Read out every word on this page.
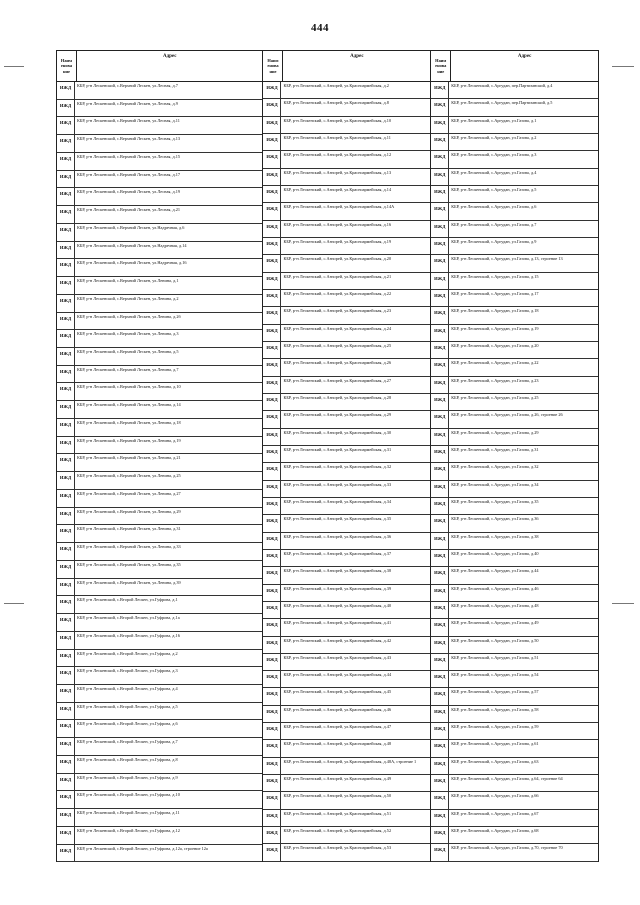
444
Наим енова ние
Адрес
ИЖД	КБР, р-н Лескенский, с.Верхний Лескен, ул.Лесная, д.7
ИЖД	КБР, р-н Лескенский, с.Верхний Лескен, ул.Лесная, д.9
ИЖД	КБР, р-н Лескенский, с.Верхний Лескен, ул.Лесная, д.11
ИЖД	КБР, р-н Лескенский, с.Верхний Лескен, ул.Лесная, д.13
ИЖД	КБР, р-н Лескенский, с.Верхний Лескен, ул.Лесная, д.15
ИЖД	КБР, р-н Лескенский, с.Верхний Лескен, ул.Лесная, д.17
ИЖД	КБР, р-н Лескенский, с.Верхний Лескен, ул.Лесная, д.19
ИЖД	КБР, р-н Лескенский, с.Верхний Лескен, ул.Лесная, д.21
ИЖД	КБР, р-н Лескенский, с.Верхний Лескен, ул.Надречная, д.6
ИЖД	КБР, р-н Лескенский, с.Верхний Лескен, ул.Надречная, д.14
ИЖД	КБР, р-н Лескенский, с.Верхний Лескен, ул.Надречная, д.16
ИЖД	КБР, р-н Лескенский, с.Верхний Лескен, ул.Ленина, д.1
ИЖД	КБР, р-н Лескенский, с.Верхний Лескен, ул.Ленина, д.2
ИЖД	КБР, р-н Лескенский, с.Верхний Лескен, ул.Ленина, д.2б
ИЖД	КБР, р-н Лескенский, с.Верхний Лескен, ул.Ленина, д.3
ИЖД	КБР, р-н Лескенский, с.Верхний Лескен, ул.Ленина, д.5
ИЖД	КБР, р-н Лескенский, с.Верхний Лескен, ул.Ленина, д.7
ИЖД	КБР, р-н Лескенский, с.Верхний Лескен, ул.Ленина, д.10
ИЖД	КБР, р-н Лескенский, с.Верхний Лескен, ул.Ленина, д.14
ИЖД	КБР, р-н Лескенский, с.Верхний Лескен, ул.Ленина, д.18
ИЖД	КБР, р-н Лескенский, с.Верхний Лескен, ул.Ленина, д.19
ИЖД	КБР, р-н Лескенский, с.Верхний Лескен, ул.Ленина, д.21
ИЖД	КБР, р-н Лескенский, с.Верхний Лескен, ул.Ленина, д.25
ИЖД	КБР, р-н Лескенский, с.Верхний Лескен, ул.Ленина, д.27
ИЖД	КБР, р-н Лескенский, с.Верхний Лескен, ул.Ленина, д.29
ИЖД	КБР, р-н Лескенский, с.Верхний Лескен, ул.Ленина, д.31
ИЖД	КБР, р-н Лескенский, с.Верхний Лескен, ул.Ленина, д.33
ИЖД	КБР, р-н Лескенский, с.Верхний Лескен, ул.Ленина, д.35
ИЖД	КБР, р-н Лескенский, с.Верхний Лескен, ул.Ленина, д.39
ИЖД	КБР, р-н Лескенский, с.Второй Лескен, ул.Гуфрова, д.1
ИЖД	КБР, р-н Лескенский, с.Второй Лескен, ул.Гуфрова, д.1а
ИЖД	КБР, р-н Лескенский, с.Второй Лескен, ул.Гуфрова, д.16
ИЖД	КБР, р-н Лескенский, с.Второй Лескен, ул.Гуфрова, д.2
ИЖД	КБР, р-н Лескенский, с.Второй Лескен, ул.Гуфрова, д.3
ИЖД	КБР, р-н Лескенский, с.Второй Лескен, ул.Гуфрова, д.4
ИЖД	КБР, р-н Лескенский, с.Второй Лескен, ул.Гуфрова, д.5
ИЖД	КБР, р-н Лескенский, с.Второй Лескен, ул.Гуфрова, д.6
ИЖД	КБР, р-н Лескенский, с.Второй Лескен, ул.Гуфрова, д.7
ИЖД	КБР, р-н Лескенский, с.Второй Лескен, ул.Гуфрова, д.8
ИЖД	КБР, р-н Лескенский, с.Второй Лескен, ул.Гуфрова, д.9
ИЖД	КБР, р-н Лескенский, с.Второй Лескен, ул.Гуфрова, д.10
ИЖД	КБР, р-н Лескенский, с.Второй Лескен, ул.Гуфрова, д.11
ИЖД	КБР, р-н Лескенский, с.Второй Лескен, ул.Гуфрова, д.12
ИЖД	КБР, р-н Лескенский, с.Второй Лескен, ул.Гуфрова, д.12а, строение 12а
Наим енова ние
Адрес
ИЖД	КБР, р-н Лескенский, с.Анзорей, ул.Красноармейская, д.2
ИЖД	КБР, р-н Лескенский, с.Анзорей, ул.Красноармейская, д.8
ИЖД	КБР, р-н Лескенский, с.Анзорей, ул.Красноармейская, д.10
ИЖД	КБР, р-н Лескенский, с.Анзорей, ул.Красноармейская, д.11
ИЖД	КБР, р-н Лескенский, с.Анзорей, ул.Красноармейская, д.12
ИЖД	КБР, р-н Лескенский, с.Анзорей, ул.Красноармейская, д.13
ИЖД	КБР, р-н Лескенский, с.Анзорей, ул.Красноармейская, д.14
ИЖД	КБР, р-н Лескенский, с.Анзорей, ул.Красноармейская, д.14А
ИЖД	КБР, р-н Лескенский, с.Анзорей, ул.Красноармейская, д.16
ИЖД	КБР, р-н Лескенский, с.Анзорей, ул.Красноармейская, д.19
ИЖД	КБР, р-н Лескенский, с.Анзорей, ул.Красноармейская, д.20
ИЖД	КБР, р-н Лескенский, с.Анзорей, ул.Красноармейская, д.21
ИЖД	КБР, р-н Лескенский, с.Анзорей, ул.Красноармейская, д.22
ИЖД	КБР, р-н Лескенский, с.Анзорей, ул.Красноармейская, д.23
ИЖД	КБР, р-н Лескенский, с.Анзорей, ул.Красноармейская, д.24
ИЖД	КБР, р-н Лескенский, с.Анзорей, ул.Красноармейская, д.25
ИЖД	КБР, р-н Лескенский, с.Анзорей, ул.Красноармейская, д.26
ИЖД	КБР, р-н Лескенский, с.Анзорей, ул.Красноармейская, д.27
ИЖД	КБР, р-н Лескенский, с.Анзорей, ул.Красноармейская, д.28
ИЖД	КБР, р-н Лескенский, с.Анзорей, ул.Красноармейская, д.29
ИЖД	КБР, р-н Лескенский, с.Анзорей, ул.Красноармейская, д.30
ИЖД	КБР, р-н Лескенский, с.Анзорей, ул.Красноармейская, д.31
ИЖД	КБР, р-н Лескенский, с.Анзорей, ул.Красноармейская, д.32
ИЖД	КБР, р-н Лескенский, с.Анзорей, ул.Красноармейская, д.33
ИЖД	КБР, р-н Лескенский, с.Анзорей, ул.Красноармейская, д.34
ИЖД	КБР, р-н Лескенский, с.Анзорей, ул.Красноармейская, д.35
ИЖД	КБР, р-н Лескенский, с.Анзорей, ул.Красноармейская, д.36
ИЖД	КБР, р-н Лескенский, с.Анзорей, ул.Красноармейская, д.37
ИЖД	КБР, р-н Лескенский, с.Анзорей, ул.Красноармейская, д.38
ИЖД	КБР, р-н Лескенский, с.Анзорей, ул.Красноармейская, д.39
ИЖД	КБР, р-н Лескенский, с.Анзорей, ул.Красноармейская, д.40
ИЖД	КБР, р-н Лескенский, с.Анзорей, ул.Красноармейская, д.41
ИЖД	КБР, р-н Лескенский, с.Анзорей, ул.Красноармейская, д.42
ИЖД	КБР, р-н Лескенский, с.Анзорей, ул.Красноармейская, д.43
ИЖД	КБР, р-н Лескенский, с.Анзорей, ул.Красноармейская, д.44
ИЖД	КБР, р-н Лескенский, с.Анзорей, ул.Красноармейская, д.45
ИЖД	КБР, р-н Лескенский, с.Анзорей, ул.Красноармейская, д.46
ИЖД	КБР, р-н Лескенский, с.Анзорей, ул.Красноармейская, д.47
ИЖД	КБР, р-н Лескенский, с.Анзорей, ул.Красноармейская, д.48
ИЖД	КБР, р-н Лескенский, с.Анзорей, ул.Красноармейская, д.48А, строение 1
ИЖД	КБР, р-н Лескенский, с.Анзорей, ул.Красноармейская, д.49
ИЖД	КБР, р-н Лескенский, с.Анзорей, ул.Красноармейская, д.50
ИЖД	КБР, р-н Лескенский, с.Анзорей, ул.Красноармейская, д.51
ИЖД	КБР, р-н Лескенский, с.Анзорей, ул.Красноармейская, д.52
ИЖД	КБР, р-н Лескенский, с.Анзорей, ул.Красноармейская, д.53
Наим енова ние
Адрес
ИЖД	КБР, р-н Лескенский, с.Аргудан, пер.Партизанский, д.4
ИЖД	КБР, р-н Лескенский, с.Аргудан, пер.Партизанский, д.5
ИЖД	КБР, р-н Лескенский, с.Аргудан, ул.Газова, д.1
ИЖД	КБР, р-н Лескенский, с.Аргудан, ул.Газова, д.2
ИЖД	КБР, р-н Лескенский, с.Аргудан, ул.Газова, д.3
ИЖД	КБР, р-н Лескенский, с.Аргудан, ул.Газова, д.4
ИЖД	КБР, р-н Лескенский, с.Аргудан, ул.Газова, д.5
ИЖД	КБР, р-н Лескенский, с.Аргудан, ул.Газова, д.6
ИЖД	КБР, р-н Лескенский, с.Аргудан, ул.Газова, д.7
ИЖД	КБР, р-н Лескенский, с.Аргудан, ул.Газова, д.9
ИЖД	КБР, р-н Лескенский, с.Аргудан, ул.Газова, д.13, строение 13
ИЖД	КБР, р-н Лескенский, с.Аргудан, ул.Газова, д.15
ИЖД	КБР, р-н Лескенский, с.Аргудан, ул.Газова, д.17
ИЖД	КБР, р-н Лескенский, с.Аргудан, ул.Газова, д.18
ИЖД	КБР, р-н Лескенский, с.Аргудан, ул.Газова, д.19
ИЖД	КБР, р-н Лескенский, с.Аргудан, ул.Газова, д.20
ИЖД	КБР, р-н Лескенский, с.Аргудан, ул.Газова, д.22
ИЖД	КБР, р-н Лескенский, с.Аргудан, ул.Газова, д.23
ИЖД	КБР, р-н Лескенский, с.Аргудан, ул.Газова, д.25
ИЖД	КБР, р-н Лескенский, с.Аргудан, ул.Газова, д.26, строение 26
ИЖД	КБР, р-н Лескенский, с.Аргудан, ул.Газова, д.29
ИЖД	КБР, р-н Лескенский, с.Аргудан, ул.Газова, д.31
ИЖД	КБР, р-н Лескенский, с.Аргудан, ул.Газова, д.32
ИЖД	КБР, р-н Лескенский, с.Аргудан, ул.Газова, д.34
ИЖД	КБР, р-н Лескенский, с.Аргудан, ул.Газова, д.35
ИЖД	КБР, р-н Лескенский, с.Аргудан, ул.Газова, д.36
ИЖД	КБР, р-н Лескенский, с.Аргудан, ул.Газова, д.38
ИЖД	КБР, р-н Лескенский, с.Аргудан, ул.Газова, д.40
ИЖД	КБР, р-н Лескенский, с.Аргудан, ул.Газова, д.44
ИЖД	КБР, р-н Лескенский, с.Аргудан, ул.Газова, д.46
ИЖД	КБР, р-н Лескенский, с.Аргудан, ул.Газова, д.48
ИЖД	КБР, р-н Лескенский, с.Аргудан, ул.Газова, д.49
ИЖД	КБР, р-н Лескенский, с.Аргудан, ул.Газова, д.50
ИЖД	КБР, р-н Лескенский, с.Аргудан, ул.Газова, д.51
ИЖД	КБР, р-н Лескенский, с.Аргудан, ул.Газова, д.54
ИЖД	КБР, р-н Лескенский, с.Аргудан, ул.Газова, д.57
ИЖД	КБР, р-н Лескенский, с.Аргудан, ул.Газова, д.58
ИЖД	КБР, р-н Лескенский, с.Аргудан, ул.Газова, д.59
ИЖД	КБР, р-н Лескенский, с.Аргудан, ул.Газова, д.61
ИЖД	КБР, р-н Лескенский, с.Аргудан, ул.Газова, д.63
ИЖД	КБР, р-н Лескенский, с.Аргудан, ул.Газова, д.64, строение 64
ИЖД	КБР, р-н Лескенский, с.Аргудан, ул.Газова, д.66
ИЖД	КБР, р-н Лескенский, с.Аргудан, ул.Газова, д.67
ИЖД	КБР, р-н Лескенский, с.Аргудан, ул.Газова, д.68
ИЖД	КБР, р-н Лескенский, с.Аргудан, ул.Газова, д.70, строение 70
